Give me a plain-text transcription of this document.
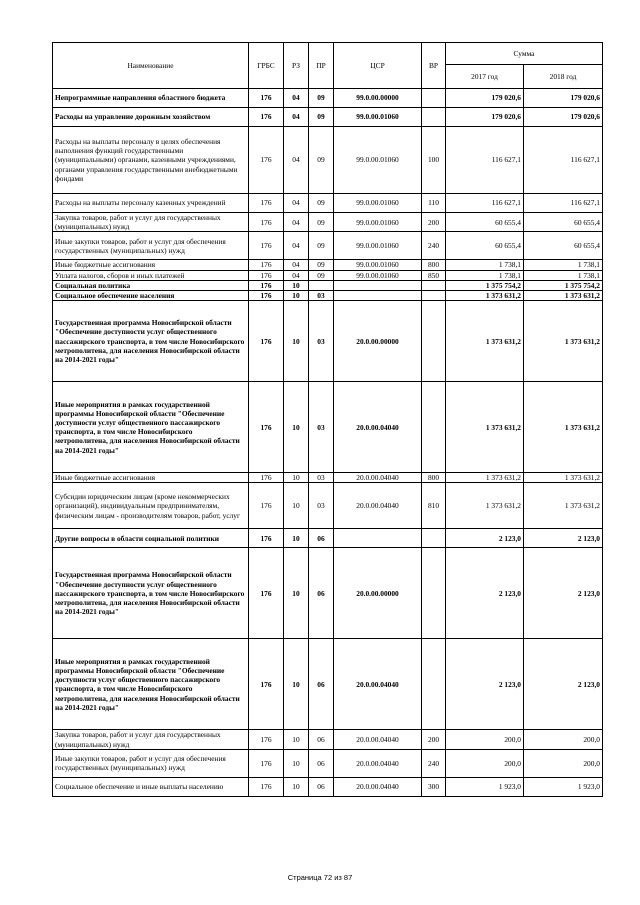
Наименование	ГРБС	РЗ	ПР	ЦСР	ВР	Сумма	
						2017 год	2018 год
Непрограммные направления областного бюджета	176	04	09	99.0.00.00000		179 020,6	179 020,6
Расходы на управление дорожным хозяйством	176	04	09	99.0.00.01060		179 020,6	179 020,6
Расходы на выплаты персоналу в целях обеспечения выполнения функций государственными (муниципальными) органами, казенными учреждениями, органами управления государственными внебюджетными фондами	176	04	09	99.0.00.01060	100	116 627,1	116 627,1
Расходы на выплаты персоналу казенных учреждений	176	04	09	99.0.00.01060	110	116 627,1	116 627,1
Закупка товаров, работ и услуг для государственных (муниципальных) нужд	176	04	09	99.0.00.01060	200	60 655,4	60 655,4
Иные закупки товаров, работ и услуг для обеспечения государственных (муниципальных) нужд	176	04	09	99.0.00.01060	240	60 655,4	60 655,4
Иные бюджетные ассигнования	176	04	09	99.0.00.01060	800	1 738,1	1 738,1
Уплата налогов, сборов и иных платежей	176	04	09	99.0.00.01060	850	1 738,1	1 738,1
Социальная политика	176	10				1 375 754,2	1 375 754,2
Социальное обеспечение населения	176	10	03			1 373 631,2	1 373 631,2
Государственная программа Новосибирской области "Обеспечение доступности услуг общественного пассажирского транспорта, в том числе Новосибирского метрополитена, для населения Новосибирской области на 2014-2021 годы"	176	10	03	20.0.00.00000		1 373 631,2	1 373 631,2
Иные мероприятия в рамках государственной программы Новосибирской области "Обеспечение доступности услуг общественного пассажирского транспорта, в том числе Новосибирского метрополитена, для населения Новосибирской области на 2014-2021 годы"	176	10	03	20.0.00.04040		1 373 631,2	1 373 631,2
Иные бюджетные ассигнования	176	10	03	20.0.00.04040	800	1 373 631,2	1 373 631,2
Субсидии юридическим лицам (кроме некоммерческих организаций), индивидуальным предпринимателям, физическим лицам - производителям товаров, работ, услуг	176	10	03	20.0.00.04040	810	1 373 631,2	1 373 631,2
Другие вопросы в области социальной политики	176	10	06			2 123,0	2 123,0
Государственная программа Новосибирской области "Обеспечение доступности услуг общественного пассажирского транспорта, в том числе Новосибирского метрополитена, для населения Новосибирской области на 2014-2021 годы"	176	10	06	20.0.00.00000		2 123,0	2 123,0
Иные мероприятия в рамках государственной программы Новосибирской области "Обеспечение доступности услуг общественного пассажирского транспорта, в том числе Новосибирского метрополитена, для населения Новосибирской области на 2014-2021 годы"	176	10	06	20.0.00.04040		2 123,0	2 123,0
Закупка товаров, работ и услуг для государственных (муниципальных) нужд	176	10	06	20.0.00.04040	200	200,0	200,0
Иные закупки товаров, работ и услуг для обеспечения государственных (муниципальных) нужд	176	10	06	20.0.00.04040	240	200,0	200,0
Социальное обеспечение и иные выплаты населению	176	10	06	20.0.00.04040	300	1 923,0	1 923,0
Страница 72 из 87
